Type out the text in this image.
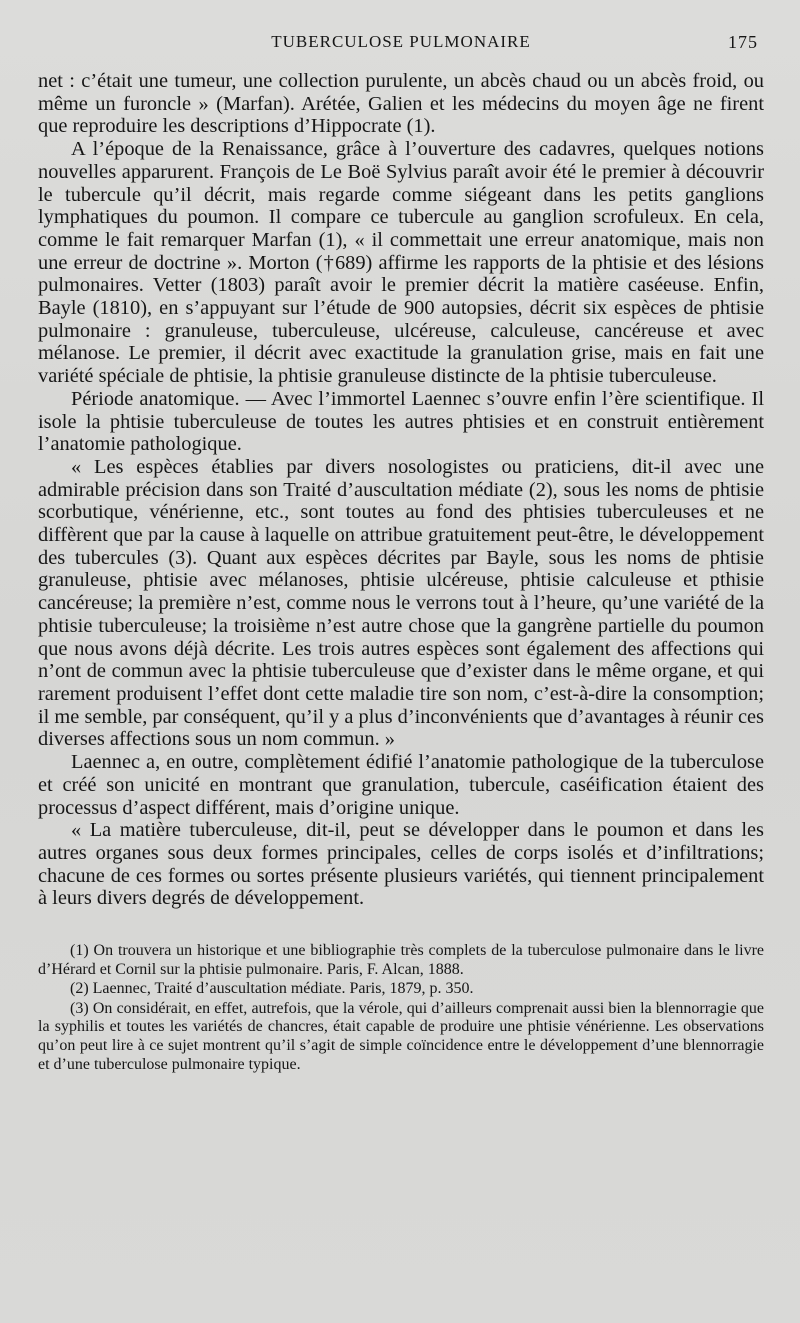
TUBERCULOSE PULMONAIRE	175

net : c’était une tumeur, une collection purulente, un abcès chaud ou un abcès froid, ou même un furoncle » (Marfan). Arétée, Galien et les médecins du moyen âge ne firent que reproduire les descriptions d’Hippocrate (1).

A l’époque de la Renaissance, grâce à l’ouverture des cadavres, quelques notions nouvelles apparurent. François de Le Boë Sylvius paraît avoir été le premier à découvrir le tubercule qu’il décrit, mais regarde comme siégeant dans les petits ganglions lymphatiques du poumon. Il compare ce tubercule au ganglion scrofuleux. En cela, comme le fait remarquer Marfan (1), « il commettait une erreur anatomique, mais non une erreur de doctrine ». Morton (†689) affirme les rapports de la phtisie et des lésions pulmonaires. Vetter (1803) paraît avoir le premier décrit la matière caséeuse. Enfin, Bayle (1810), en s’appuyant sur l’étude de 900 autopsies, décrit six espèces de phtisie pulmonaire : granuleuse, tuberculeuse, ulcéreuse, calculeuse, cancéreuse et avec mélanose. Le premier, il décrit avec exactitude la granulation grise, mais en fait une variété spéciale de phtisie, la phtisie granuleuse distincte de la phtisie tuberculeuse.

Période anatomique. — Avec l’immortel Laennec s’ouvre enfin l’ère scientifique. Il isole la phtisie tuberculeuse de toutes les autres phtisies et en construit entièrement l’anatomie pathologique.

« Les espèces établies par divers nosologistes ou praticiens, dit-il avec une admirable précision dans son Traité d’auscultation médiate (2), sous les noms de phtisie scorbutique, vénérienne, etc., sont toutes au fond des phtisies tuberculeuses et ne diffèrent que par la cause à laquelle on attribue gratuitement peut-être, le développement des tubercules (3). Quant aux espèces décrites par Bayle, sous les noms de phtisie granuleuse, phtisie avec mélanoses, phtisie ulcéreuse, phtisie calculeuse et pthisie cancéreuse; la première n’est, comme nous le verrons tout à l’heure, qu’une variété de la phtisie tuberculeuse; la troisième n’est autre chose que la gangrène partielle du poumon que nous avons déjà décrite. Les trois autres espèces sont également des affections qui n’ont de commun avec la phtisie tuberculeuse que d’exister dans le même organe, et qui rarement produisent l’effet dont cette maladie tire son nom, c’est-à-dire la consomption; il me semble, par conséquent, qu’il y a plus d’inconvénients que d’avantages à réunir ces diverses affections sous un nom commun. »

Laennec a, en outre, complètement édifié l’anatomie pathologique de la tuberculose et créé son unicité en montrant que granulation, tubercule, caséification étaient des processus d’aspect différent, mais d’origine unique.

« La matière tuberculeuse, dit-il, peut se développer dans le poumon et dans les autres organes sous deux formes principales, celles de corps isolés et d’infiltrations; chacune de ces formes ou sortes présente plusieurs variétés, qui tiennent principalement à leurs divers degrés de développement.

(1) On trouvera un historique et une bibliographie très complets de la tuberculose pulmonaire dans le livre d’Hérard et Cornil sur la phtisie pulmonaire. Paris, F. Alcan, 1888.

(2) Laennec, Traité d’auscultation médiate. Paris, 1879, p. 350.

(3) On considérait, en effet, autrefois, que la vérole, qui d’ailleurs comprenait aussi bien la blennorragie que la syphilis et toutes les variétés de chancres, était capable de produire une phtisie vénérienne. Les observations qu’on peut lire à ce sujet montrent qu’il s’agit de simple coïncidence entre le développement d’une blennorragie et d’une tuberculose pulmonaire typique.
